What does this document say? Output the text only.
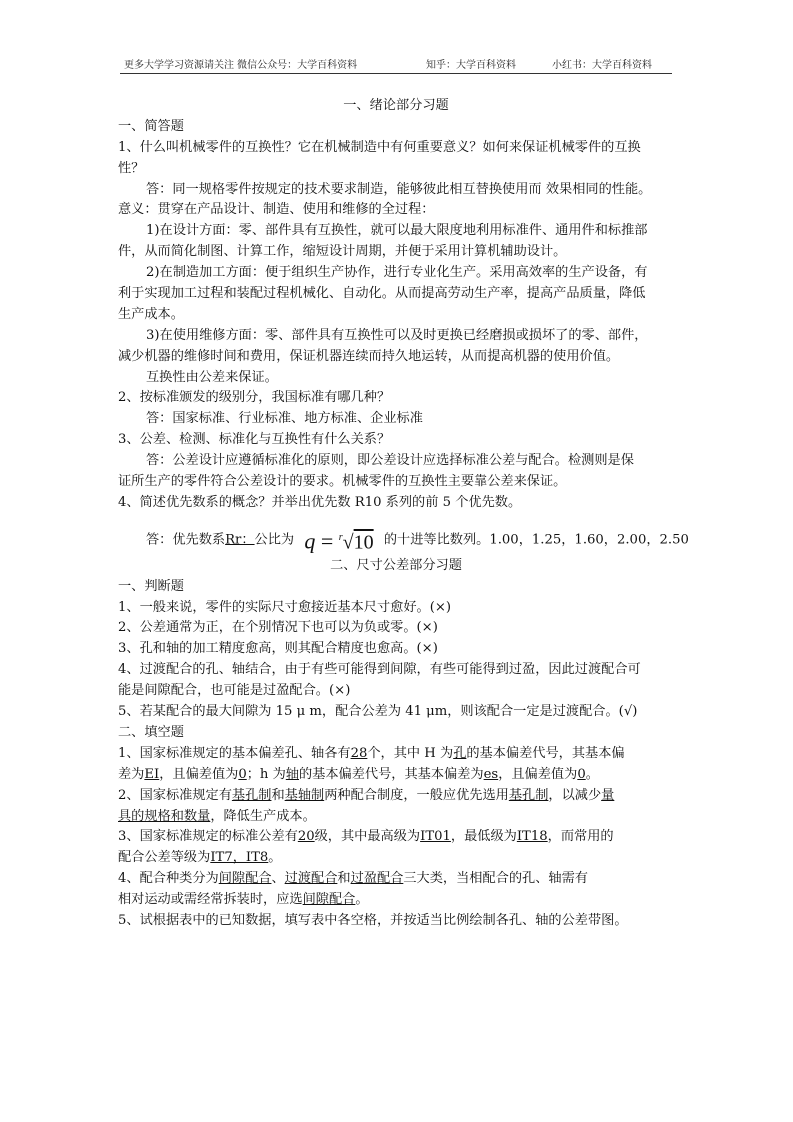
更多大学学习资源请关注 微信公众号：大学百科资料	知乎：大学百科资料	小红书：大学百科资料
一、绪论部分习题
一、简答题
1、什么叫机械零件的互换性？它在机械制造中有何重要意义？如何来保证机械零件的互换
性？
答：同一规格零件按规定的技术要求制造，能够彼此相互替换使用而 效果相同的性能。
意义：贯穿在产品设计、制造、使用和维修的全过程：
1)在设计方面：零、部件具有互换性，就可以最大限度地利用标准件、通用件和标推部
件，从而简化制图、计算工作，缩短设计周期，并便于采用计算机辅助设计。
2)在制造加工方面：便于组织生产协作，进行专业化生产。采用高效率的生产设备，有
利于实现加工过程和装配过程机械化、自动化。从而提高劳动生产率，提高产品质量，降低
生产成本。
3)在使用维修方面：零、部件具有互换性可以及时更换已经磨损或损坏了的零、部件，
减少机器的维修时间和费用，保证机器连续而持久地运转，从而提高机器的使用价值。
互换性由公差来保证。
2、按标准颁发的级别分，我国标准有哪几种？
答：国家标准、行业标准、地方标准、企业标准
3、公差、检测、标准化与互换性有什么关系？
答：公差设计应遵循标准化的原则，即公差设计应选择标准公差与配合。检测则是保
证所生产的零件符合公差设计的要求。机械零件的互换性主要靠公差来保证。
4、简述优先数系的概念？并举出优先数 R10 系列的前 5 个优先数。
答：优先数系Rr：公比为 q = $^r$√10 的十进等比数列。1.00，1.25，1.60，2.00，2.50
二、尺寸公差部分习题
一、判断题
1、一般来说，零件的实际尺寸愈接近基本尺寸愈好。(×)
2、公差通常为正，在个别情况下也可以为负或零。(×)
3、孔和轴的加工精度愈高，则其配合精度也愈高。(×)
4、过渡配合的孔、轴结合，由于有些可能得到间隙，有些可能得到过盈，因此过渡配合可
能是间隙配合，也可能是过盈配合。(×)
5、若某配合的最大间隙为 15 μ m，配合公差为 41 μm，则该配合一定是过渡配合。(√)
二、填空题
1、国家标准规定的基本偏差孔、轴各有28个，其中 H 为孔的基本偏差代号，其基本偏
差为EI，且偏差值为0；h 为轴的基本偏差代号，其基本偏差为es，且偏差值为0。
2、国家标准规定有基孔制和基轴制两种配合制度，一般应优先选用基孔制，以减少量
具的规格和数量，降低生产成本。
3、国家标准规定的标准公差有20级，其中最高级为IT01，最低级为IT18，而常用的
配合公差等级为IT7，IT8。
4、配合种类分为间隙配合、过渡配合和过盈配合三大类，当相配合的孔、轴需有
相对运动或需经常拆装时，应选间隙配合。
5、试根据表中的已知数据，填写表中各空格，并按适当比例绘制各孔、轴的公差带图。
